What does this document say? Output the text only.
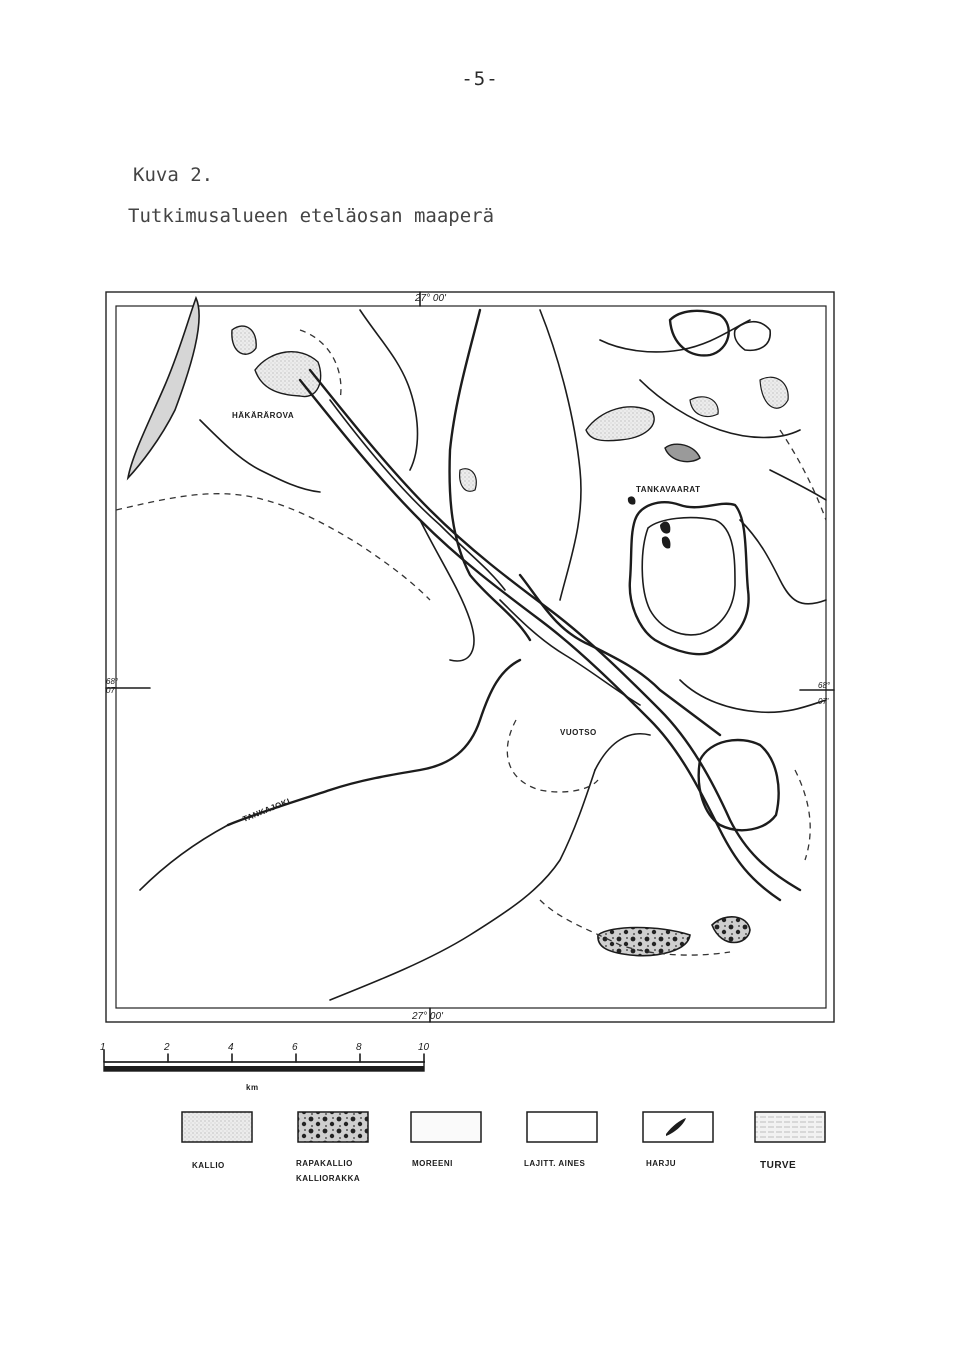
-5-
Kuva 2.
Tutkimusalueen eteläosan maaperä
27° 00'
27° 00'
68°
07'
68°
07'
HÄKÄRÄROVA
TANKAVAARAT
VUOTSO
TANKAJOKI
1	2	4	6	8	10
km
KALLIO	RAPAKALLIO
KALLIORAKKA
MOREENI	LAJITT. AINES	HARJU	TURVE
